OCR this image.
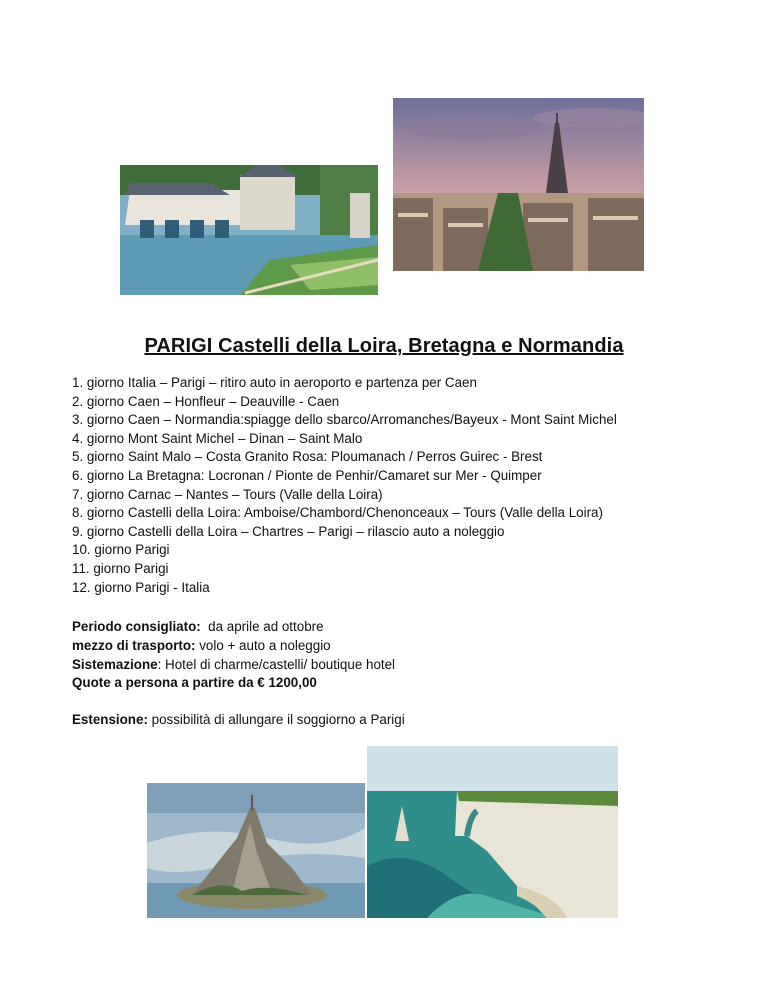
PARIGI Castelli della Loira, Bretagna e Normandia
1. giorno Italia – Parigi – ritiro auto in aeroporto e partenza per Caen
2. giorno Caen – Honfleur – Deauville - Caen
3. giorno Caen – Normandia:spiagge dello sbarco/Arromanches/Bayeux - Mont Saint Michel
4. giorno Mont Saint Michel – Dinan – Saint Malo
5. giorno Saint Malo – Costa Granito Rosa: Ploumanach / Perros Guirec - Brest
6. giorno La Bretagna: Locronan / Pionte de Penhir/Camaret sur Mer - Quimper
7. giorno Carnac – Nantes – Tours (Valle della Loira)
8. giorno Castelli della Loira: Amboise/Chambord/Chenonceaux – Tours (Valle della Loira)
9. giorno Castelli della Loira – Chartres – Parigi – rilascio auto a noleggio
10. giorno Parigi
11. giorno Parigi
12. giorno Parigi - Italia
Periodo consigliato:  da aprile ad ottobre
mezzo di trasporto: volo + auto a noleggio
Sistemazione: Hotel di charme/castelli/ boutique hotel
Quote a persona a partire da € 1200,00
Estensione: possibilità di allungare il soggiorno a Parigi
